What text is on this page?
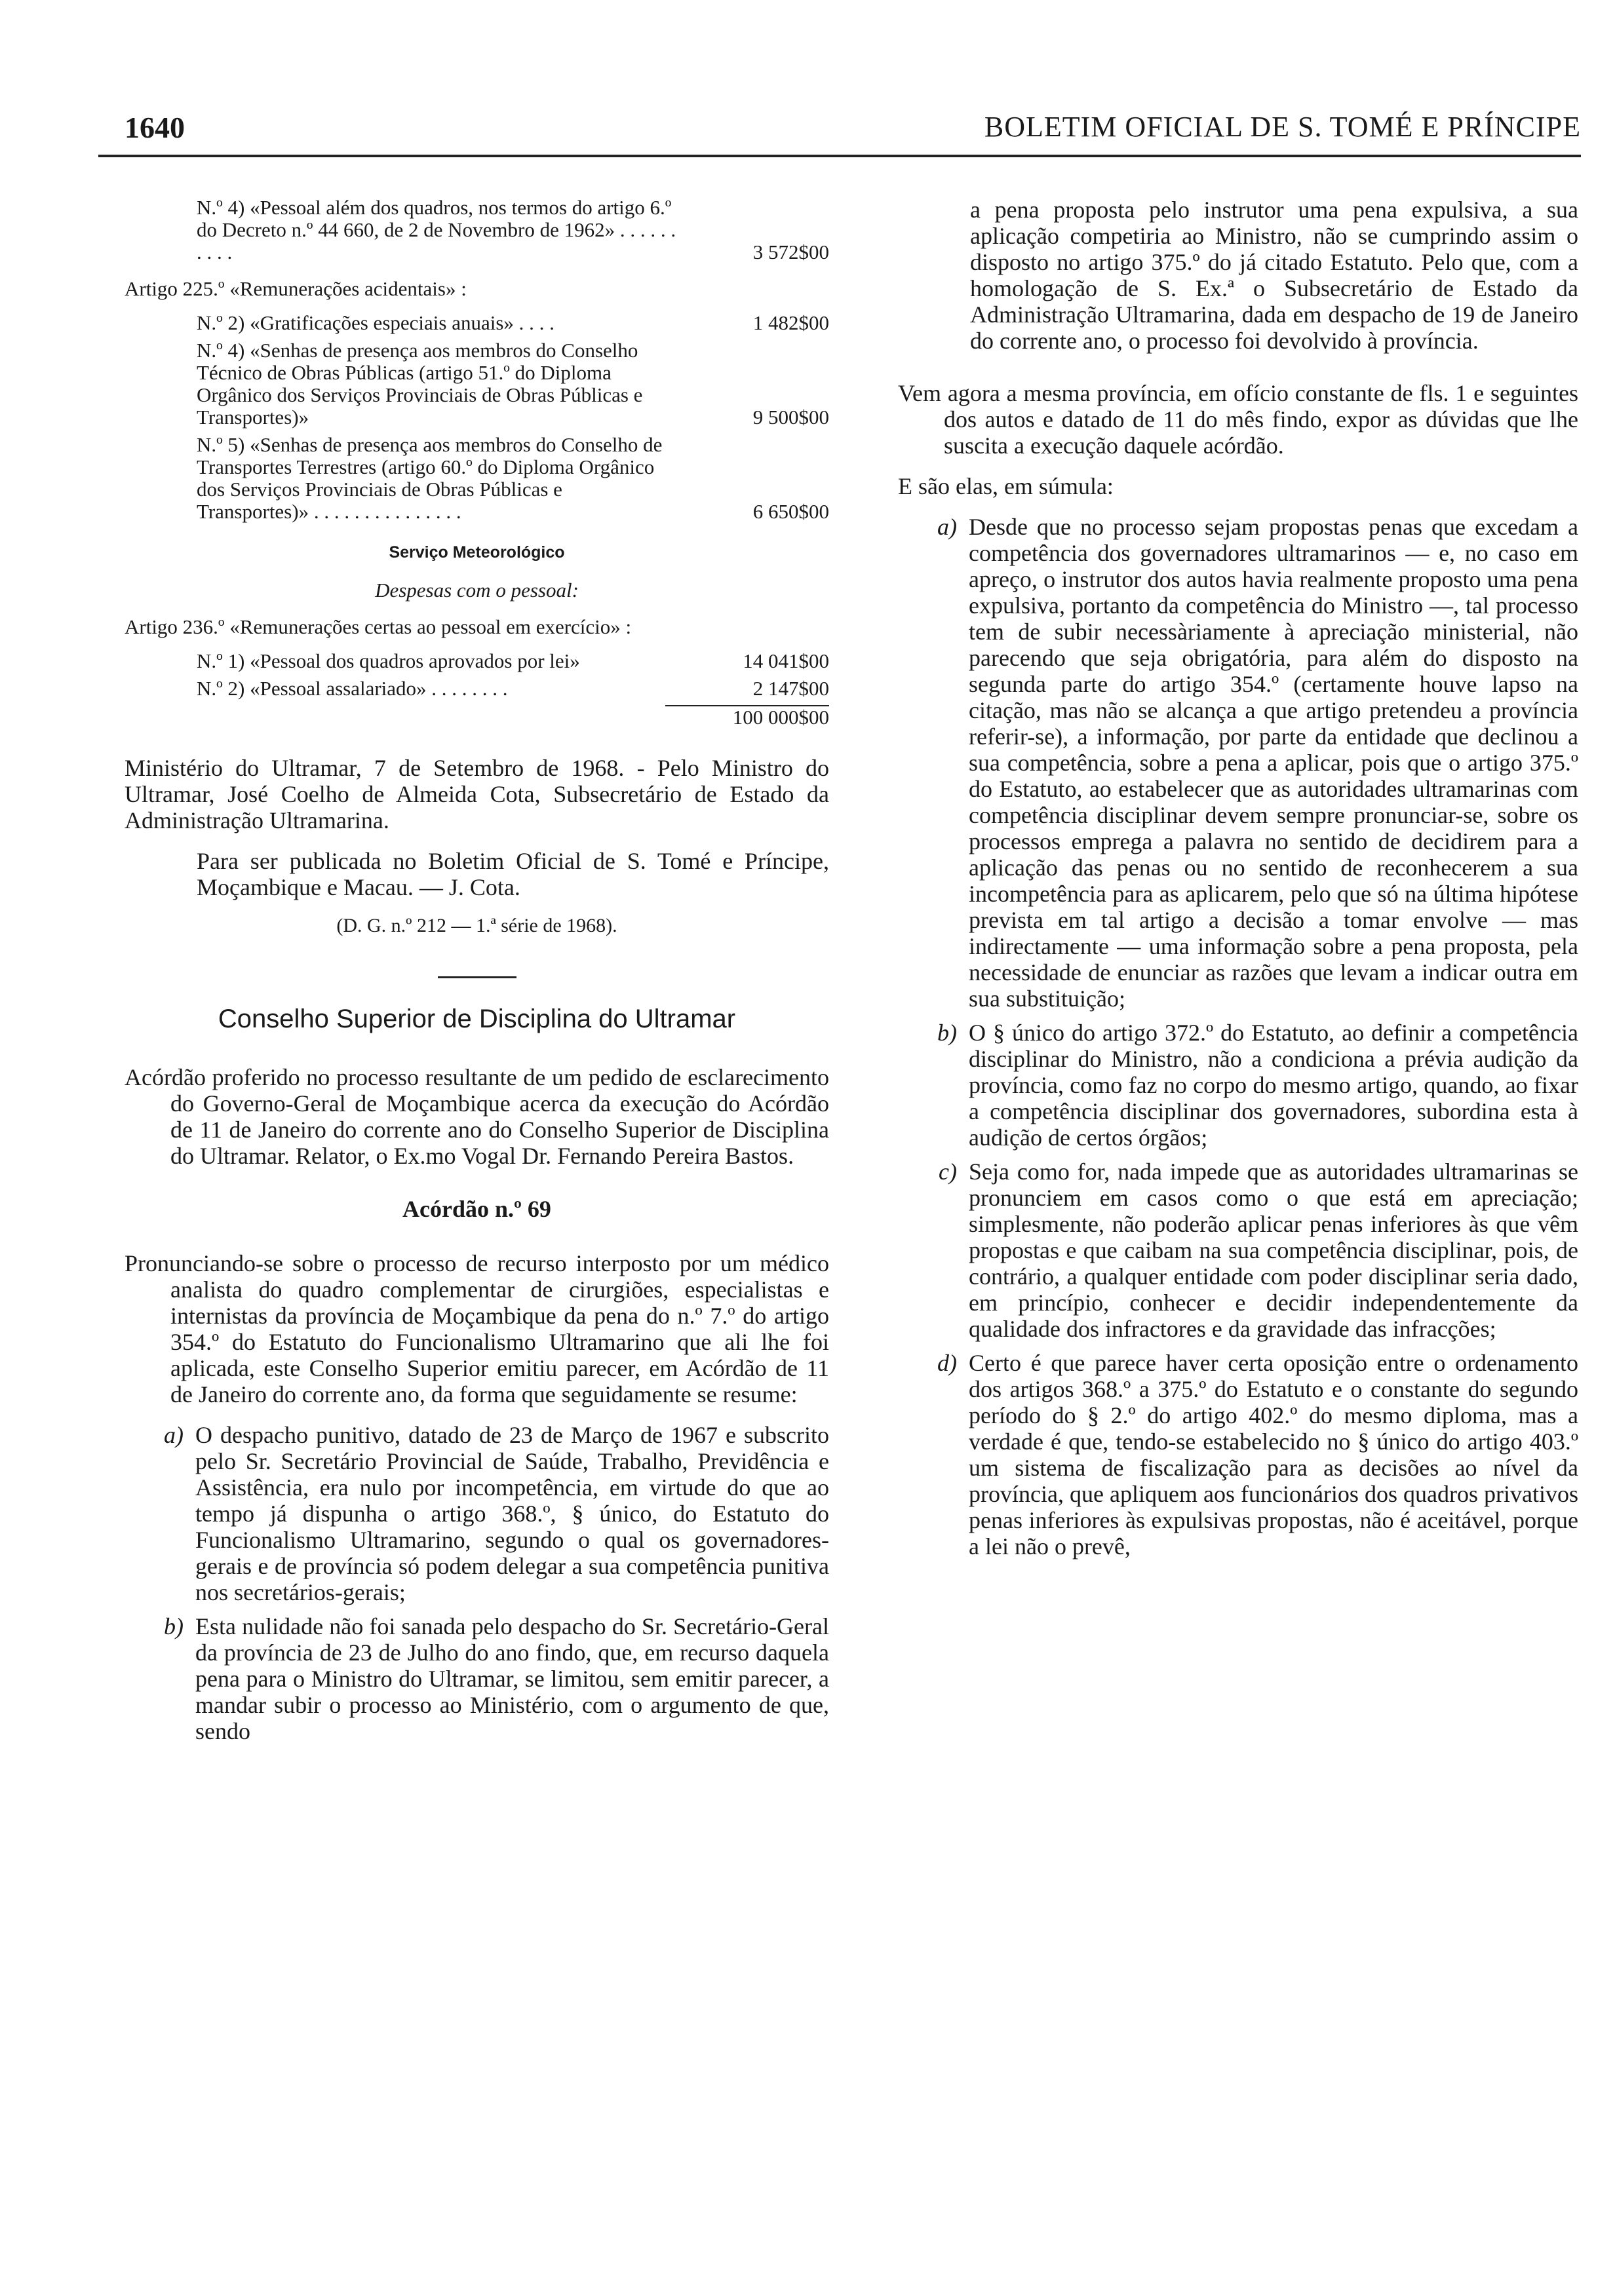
1640	BOLETIM OFICIAL DE S. TOMÉ E PRÍNCIPE
N.º 4) «Pessoal além dos quadros, nos termos do artigo 6.º do Decreto n.º 44 660, de 2 de Novembro de 1962» . . . . . . . . . .	3 572$00
Artigo 225.º «Remunerações acidentais» :
N.º 2) «Gratificações especiais anuais» . . . .	1 482$00
N.º 4) «Senhas de presença aos membros do Conselho Técnico de Obras Públicas (artigo 51.º do Diploma Orgânico dos Serviços Provinciais de Obras Públicas e Transportes)»	9 500$00
N.º 5) «Senhas de presença aos membros do Conselho de Transportes Terrestres (artigo 60.º do Diploma Orgânico dos Serviços Provinciais de Obras Públicas e Transportes)» . . . . . . . . . . . . . . .	6 650$00
Serviço Meteorológico
Despesas com o pessoal:
Artigo 236.º «Remunerações certas ao pessoal em exercício» :
N.º 1) «Pessoal dos quadros aprovados por lei»	14 041$00
N.º 2) «Pessoal assalariado» . . . . . . . .	2 147$00
100 000$00

Ministério do Ultramar, 7 de Setembro de 1968. - Pelo Ministro do Ultramar, José Coelho de Almeida Cota, Subsecretário de Estado da Administração Ultramarina.

Para ser publicada no Boletim Oficial de S. Tomé e Príncipe, Moçambique e Macau. — J. Cota.

(D. G. n.º 212 — 1.ª série de 1968).
Conselho Superior de Disciplina do Ultramar

Acórdão proferido no processo resultante de um pedido de esclarecimento do Governo-Geral de Moçambique acerca da execução do Acórdão de 11 de Janeiro do corrente ano do Conselho Superior de Disciplina do Ultramar. Relator, o Ex.mo Vogal Dr. Fernando Pereira Bastos.

Acórdão n.º 69

Pronunciando-se sobre o processo de recurso interposto por um médico analista do quadro complementar de cirurgiões, especialistas e internistas da província de Moçambique da pena do n.º 7.º do artigo 354.º do Estatuto do Funcionalismo Ultramarino que ali lhe foi aplicada, este Conselho Superior emitiu parecer, em Acórdão de 11 de Janeiro do corrente ano, da forma que seguidamente se resume:

a) O despacho punitivo, datado de 23 de Março de 1967 e subscrito pelo Sr. Secretário Provincial de Saúde, Trabalho, Previdência e Assistência, era nulo por incompetência, em virtude do que ao tempo já dispunha o artigo 368.º, § único, do Estatuto do Funcionalismo Ultramarino, segundo o qual os governadores-gerais e de província só podem delegar a sua competência punitiva nos secretários-gerais;
b) Esta nulidade não foi sanada pelo despacho do Sr. Secretário-Geral da província de 23 de Julho do ano findo, que, em recurso daquela pena para o Ministro do Ultramar, se limitou, sem emitir parecer, a mandar subir o processo ao Ministério, com o argumento de que, sendo

a pena proposta pelo instrutor uma pena expulsiva, a sua aplicação competiria ao Ministro, não se cumprindo assim o disposto no artigo 375.º do já citado Estatuto. Pelo que, com a homologação de S. Ex.ª o Subsecretário de Estado da Administração Ultramarina, dada em despacho de 19 de Janeiro do corrente ano, o processo foi devolvido à província.

Vem agora a mesma província, em ofício constante de fls. 1 e seguintes dos autos e datado de 11 do mês findo, expor as dúvidas que lhe suscita a execução daquele acórdão.

E são elas, em súmula:

a) Desde que no processo sejam propostas penas que excedam a competência dos governadores ultramarinos — e, no caso em apreço, o instrutor dos autos havia realmente proposto uma pena expulsiva, portanto da competência do Ministro —, tal processo tem de subir necessàriamente à apreciação ministerial, não parecendo que seja obrigatória, para além do disposto na segunda parte do artigo 354.º (certamente houve lapso na citação, mas não se alcança a que artigo pretendeu a província referir-se), a informação, por parte da entidade que declinou a sua competência, sobre a pena a aplicar, pois que o artigo 375.º do Estatuto, ao estabelecer que as autoridades ultramarinas com competência disciplinar devem sempre pronunciar-se, sobre os processos emprega a palavra no sentido de decidirem para a aplicação das penas ou no sentido de reconhecerem a sua incompetência para as aplicarem, pelo que só na última hipótese prevista em tal artigo a decisão a tomar envolve — mas indirectamente — uma informação sobre a pena proposta, pela necessidade de enunciar as razões que levam a indicar outra em sua substituição;
b) O § único do artigo 372.º do Estatuto, ao definir a competência disciplinar do Ministro, não a condiciona a prévia audição da província, como faz no corpo do mesmo artigo, quando, ao fixar a competência disciplinar dos governadores, subordina esta à audição de certos órgãos;
c) Seja como for, nada impede que as autoridades ultramarinas se pronunciem em casos como o que está em apreciação; simplesmente, não poderão aplicar penas inferiores às que vêm propostas e que caibam na sua competência disciplinar, pois, de contrário, a qualquer entidade com poder disciplinar seria dado, em princípio, conhecer e decidir independentemente da qualidade dos infractores e da gravidade das infracções;
d) Certo é que parece haver certa oposição entre o ordenamento dos artigos 368.º a 375.º do Estatuto e o constante do segundo período do § 2.º do artigo 402.º do mesmo diploma, mas a verdade é que, tendo-se estabelecido no § único do artigo 403.º um sistema de fiscalização para as decisões ao nível da província, que apliquem aos funcionários dos quadros privativos penas inferiores às expulsivas propostas, não é aceitável, porque a lei não o prevê,
